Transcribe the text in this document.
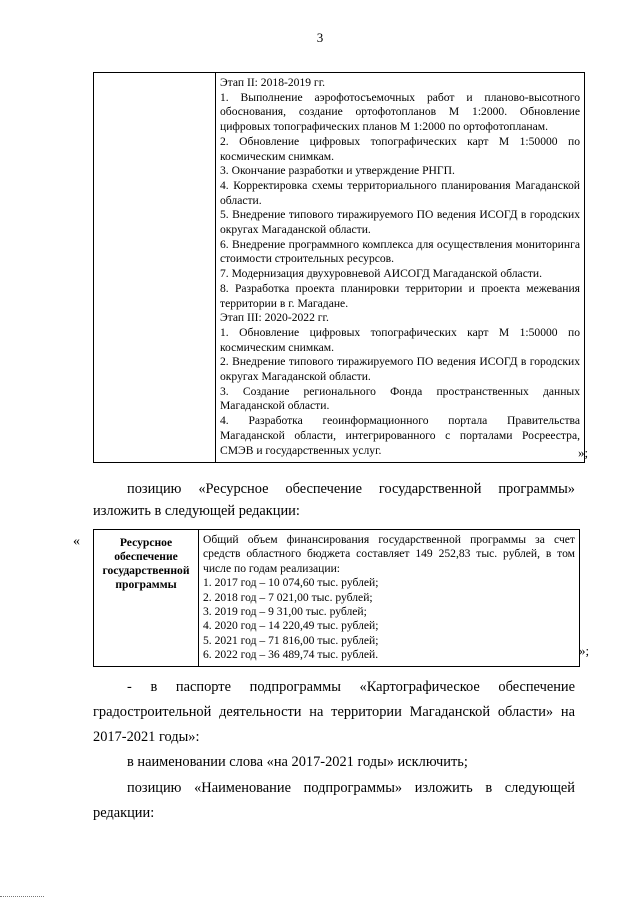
3

Этап II: 2018-2019 гг.
1. Выполнение аэрофотосъемочных работ и планово-высотного обоснования, создание ортофотопланов М 1:2000. Обновление цифровых топографических планов М 1:2000 по ортофотопланам.
2. Обновление цифровых топографических карт М 1:50000 по космическим снимкам.
3. Окончание разработки и утверждение РНГП.
4. Корректировка схемы территориального планирования Магаданской области.
5. Внедрение типового тиражируемого ПО ведения ИСОГД в городских округах Магаданской области.
6. Внедрение программного комплекса для осуществления мониторинга стоимости строительных ресурсов.
7. Модернизация двухуровневой АИСОГД Магаданской области.
8. Разработка проекта планировки территории и проекта межевания территории в г. Магадане.
Этап III: 2020-2022 гг.
1. Обновление цифровых топографических карт М 1:50000 по космическим снимкам.
2. Внедрение типового тиражируемого ПО ведения ИСОГД в городских округах Магаданской области.
3. Создание регионального Фонда пространственных данных Магаданской области.
4. Разработка геоинформационного портала Правительства Магаданской области, интегрированного с порталами Росреестра, СМЭВ и государственных услуг.	»;
позицию «Ресурсное обеспечение государственной программы» изложить в следующей редакции:
«	Ресурсное обеспечение государственной программы	
Общий объем финансирования государственной программы за счет средств областного бюджета составляет 149 252,83 тыс. рублей, в том числе по годам реализации:
1. 2017 год – 10 074,60 тыс. рублей;
2. 2018 год – 7 021,00 тыс. рублей;
3. 2019 год – 9 31,00 тыс. рублей;
4. 2020 год – 14 220,49 тыс. рублей;
5. 2021 год – 71 816,00 тыс. рублей;
6. 2022 год – 36 489,74 тыс. рублей.	»;
- в паспорте подпрограммы «Картографическое обеспечение градостроительной деятельности на территории Магаданской области» на 2017-2021 годы»:
в наименовании слова «на 2017-2021 годы» исключить;
позицию «Наименование подпрограммы» изложить в следующей редакции:
